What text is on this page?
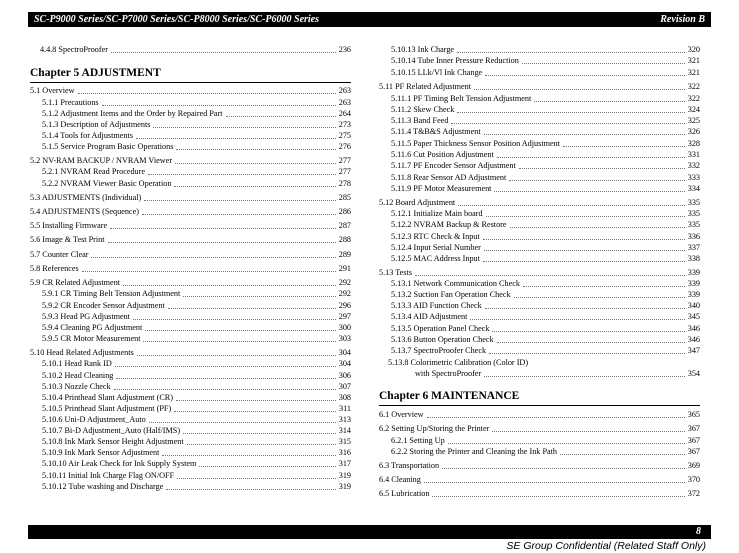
SC-P9000 Series/SC-P7000 Series/SC-P8000 Series/SC-P6000 Series	Revision B
4.4.8 SpectroProofer	236
Chapter 5 ADJUSTMENT
5.1 Overview	263
5.1.1 Precautions	263
5.1.2 Adjustment Items and the Order by Repaired Part	264
5.1.3 Description of Adjustments	273
5.1.4 Tools for Adjustments	275
5.1.5 Service Program Basic Operations	276
5.2 NV-RAM BACKUP / NVRAM Viewer	277
5.2.1 NVRAM Read Procedure	277
5.2.2 NVRAM Viewer Basic Operation	278
5.3 ADJUSTMENTS (Individual)	285
5.4 ADJUSTMENTS (Sequence)	286
5.5 Installing Firmware	287
5.6 Image & Test Print	288
5.7 Counter Clear	289
5.8 References	291
5.9 CR Related Adjustment	292
5.9.1 CR Timing Belt Tension Adjustment	292
5.9.2 CR Encoder Sensor Adjustment	296
5.9.3 Head PG Adjustment	297
5.9.4 Cleaning PG Adjustment	300
5.9.5 CR Motor Measurement	303
5.10 Head Related Adjustments	304
5.10.1 Head Rank ID	304
5.10.2 Head Cleaning	306
5.10.3 Nozzle Check	307
5.10.4 Printhead Slant Adjustment (CR)	308
5.10.5 Printhead Slant Adjustment (PF)	311
5.10.6 Uni-D Adjustment_Auto	313
5.10.7 Bi-D Adjustment_Auto (Half/IMS)	314
5.10.8 Ink Mark Sensor Height Adjustment	315
5.10.9 Ink Mark Sensor Adjustment	316
5.10.10 Air Leak Check for Ink Supply System	317
5.10.11 Initial Ink Charge Flag ON/OFF	319
5.10.12 Tube washing and Discharge	319
5.10.13 Ink Charge	320
5.10.14 Tube Inner Pressure Reduction	321
5.10.15 LLk/Vl Ink Change	321
5.11 PF Related Adjustment	322
5.11.1 PF Timing Belt Tension Adjustment	322
5.11.2 Skew Check	324
5.11.3 Band Feed	325
5.11.4 T&B&S Adjustment	326
5.11.5 Paper Thickness Sensor Position Adjustment	328
5.11.6 Cut Position Adjustment	331
5.11.7 PF Encoder Sensor Adjustment	332
5.11.8 Rear Sensor AD Adjustment	333
5.11.9 PF Motor Measurement	334
5.12 Board Adjustment	335
5.12.1 Initialize Main board	335
5.12.2 NVRAM Backup & Restore	335
5.12.3 RTC Check & Input	336
5.12.4 Input Serial Number	337
5.12.5 MAC Address Input	338
5.13 Tests	339
5.13.1 Network Communication Check	339
5.13.2 Suction Fan Operation Check	339
5.13.3 AID Function Check	340
5.13.4 AID Adjustment	345
5.13.5 Operation Panel Check	346
5.13.6 Button Operation Check	346
5.13.7 SpectroProofer Check	347
5.13.8 Colorimetric Calibration (Color ID)
with SpectroProofer	354
Chapter 6 MAINTENANCE
6.1 Overview	365
6.2 Setting Up/Storing the Printer	367
6.2.1 Setting Up	367
6.2.2 Storing the Printer and Cleaning the Ink Path	367
6.3 Transportation	369
6.4 Cleaning	370
6.5 Lubrication	372
8
SE Group Confidential (Related Staff Only)
